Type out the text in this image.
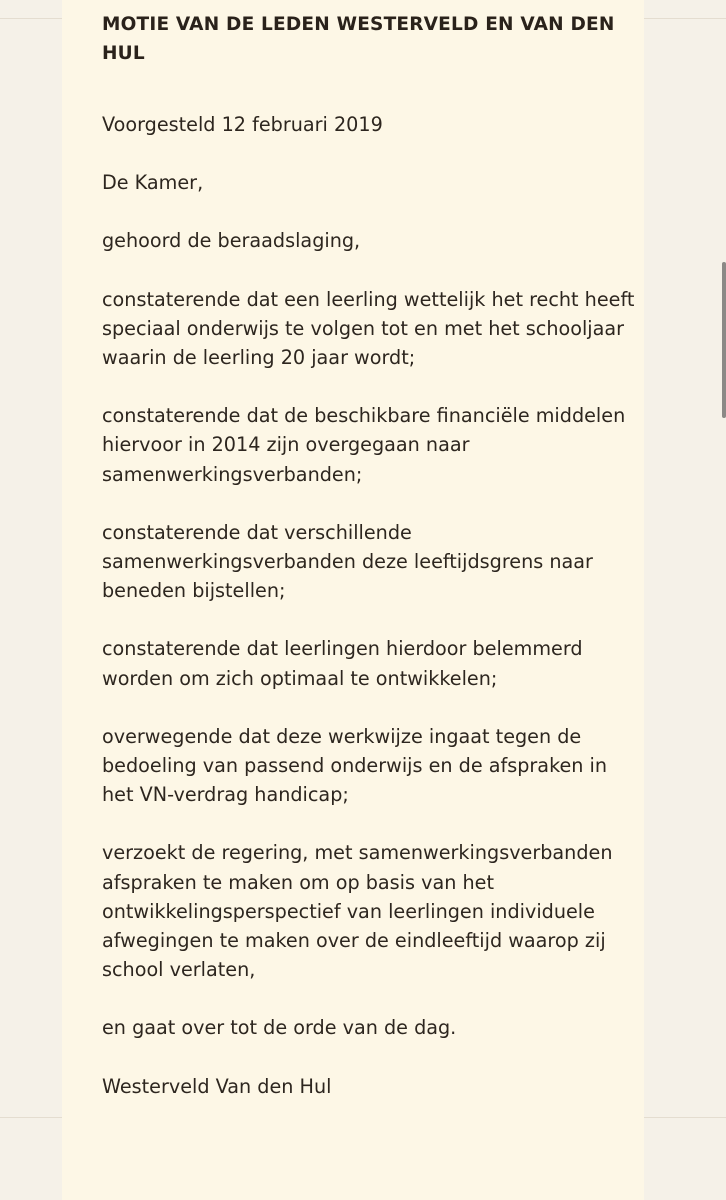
MOTIE VAN DE LEDEN WESTERVELD EN VAN DEN HUL

Voorgesteld 12 februari 2019

De Kamer,

gehoord de beraadslaging,

constaterende dat een leerling wettelijk het recht heeft speciaal onderwijs te volgen tot en met het schooljaar waarin de leerling 20 jaar wordt;

constaterende dat de beschikbare financiële middelen hiervoor in 2014 zijn overgegaan naar samenwerkingsverbanden;

constaterende dat verschillende samenwerkingsverbanden deze leeftijdsgrens naar beneden bijstellen;

constaterende dat leerlingen hierdoor belemmerd worden om zich optimaal te ontwikkelen;

overwegende dat deze werkwijze ingaat tegen de bedoeling van passend onderwijs en de afspraken in het VN-verdrag handicap;

verzoekt de regering, met samenwerkingsverbanden afspraken te maken om op basis van het ontwikkelingsperspectief van leerlingen individuele afwegingen te maken over de eindleeftijd waarop zij school verlaten,

en gaat over tot de orde van de dag.

Westerveld Van den Hul
